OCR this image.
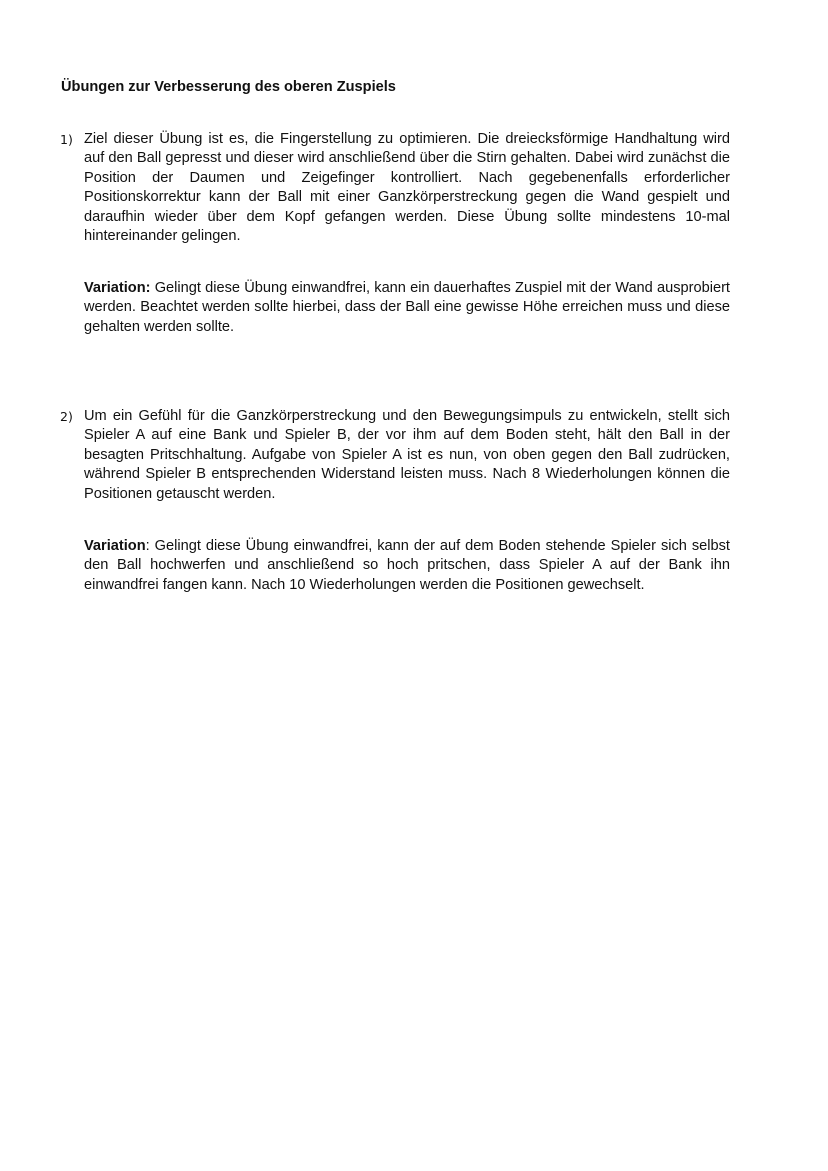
Übungen zur Verbesserung des oberen Zuspiels
1) Ziel dieser Übung ist es, die Fingerstellung zu optimieren. Die dreiecksförmige Handhaltung wird auf den Ball gepresst und dieser wird anschließend über die Stirn gehalten. Dabei wird zunächst die Position der Daumen und Zeigefinger kontrolliert. Nach gegebenenfalls erforderlicher Positionskorrektur kann der Ball mit einer Ganzkörperstreckung gegen die Wand gespielt und daraufhin wieder über dem Kopf gefangen werden. Diese Übung sollte mindestens 10-mal hintereinander gelingen.

Variation: Gelingt diese Übung einwandfrei, kann ein dauerhaftes Zuspiel mit der Wand ausprobiert werden. Beachtet werden sollte hierbei, dass der Ball eine gewisse Höhe erreichen muss und diese gehalten werden sollte.

2) Um ein Gefühl für die Ganzkörperstreckung und den Bewegungsimpuls zu entwickeln, stellt sich Spieler A auf eine Bank und Spieler B, der vor ihm auf dem Boden steht, hält den Ball in der besagten Pritschhaltung. Aufgabe von Spieler A ist es nun, von oben gegen den Ball zudrücken, während Spieler B entsprechenden Widerstand leisten muss. Nach 8 Wiederholungen können die Positionen getauscht werden.

Variation: Gelingt diese Übung einwandfrei, kann der auf dem Boden stehende Spieler sich selbst den Ball hochwerfen und anschließend so hoch pritschen, dass Spieler A auf der Bank ihn einwandfrei fangen kann. Nach 10 Wiederholungen werden die Positionen gewechselt.
